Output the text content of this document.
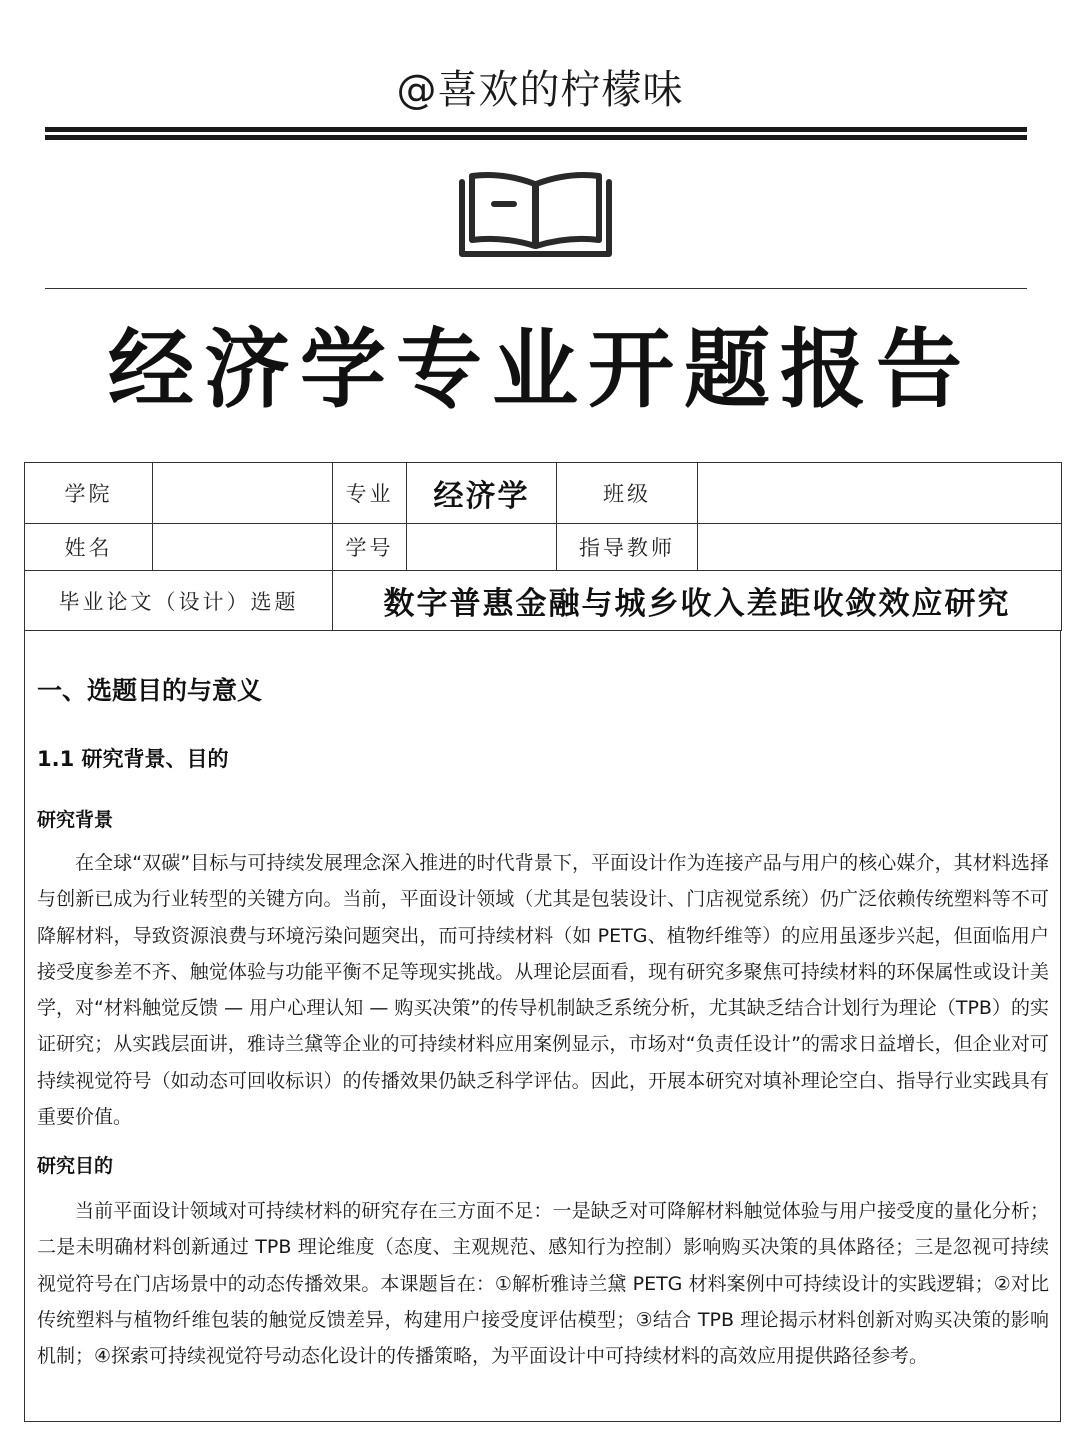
@喜欢的柠檬味
经济学专业开题报告
学院		专业	经济学	班级	
姓名		学号		指导教师	
毕业论文（设计）选题		数字普惠金融与城乡收入差距收敛效应研究			
一、选题目的与意义
1.1 研究背景、目的
研究背景

在全球“双碳”目标与可持续发展理念深入推进的时代背景下，平面设计作为连接产品与用户的核心媒介，其材料选择与创新已成为行业转型的关键方向。当前，平面设计领域（尤其是包装设计、门店视觉系统）仍广泛依赖传统塑料等不可降解材料，导致资源浪费与环境污染问题突出，而可持续材料（如 PETG、植物纤维等）的应用虽逐步兴起，但面临用户接受度参差不齐、触觉体验与功能平衡不足等现实挑战。从理论层面看，现有研究多聚焦可持续材料的环保属性或设计美学，对“材料触觉反馈 — 用户心理认知 — 购买决策”的传导机制缺乏系统分析，尤其缺乏结合计划行为理论（TPB）的实证研究；从实践层面讲，雅诗兰黛等企业的可持续材料应用案例显示，市场对“负责任设计”的需求日益增长，但企业对可持续视觉符号（如动态可回收标识）的传播效果仍缺乏科学评估。因此，开展本研究对填补理论空白、指导行业实践具有重要价值。

研究目的

当前平面设计领域对可持续材料的研究存在三方面不足：一是缺乏对可降解材料触觉体验与用户接受度的量化分析；二是未明确材料创新通过 TPB 理论维度（态度、主观规范、感知行为控制）影响购买决策的具体路径；三是忽视可持续视觉符号在门店场景中的动态传播效果。本课题旨在：①解析雅诗兰黛 PETG 材料案例中可持续设计的实践逻辑；②对比传统塑料与植物纤维包装的触觉反馈差异，构建用户接受度评估模型；③结合 TPB 理论揭示材料创新对购买决策的影响机制；④探索可持续视觉符号动态化设计的传播策略，为平面设计中可持续材料的高效应用提供路径参考。
